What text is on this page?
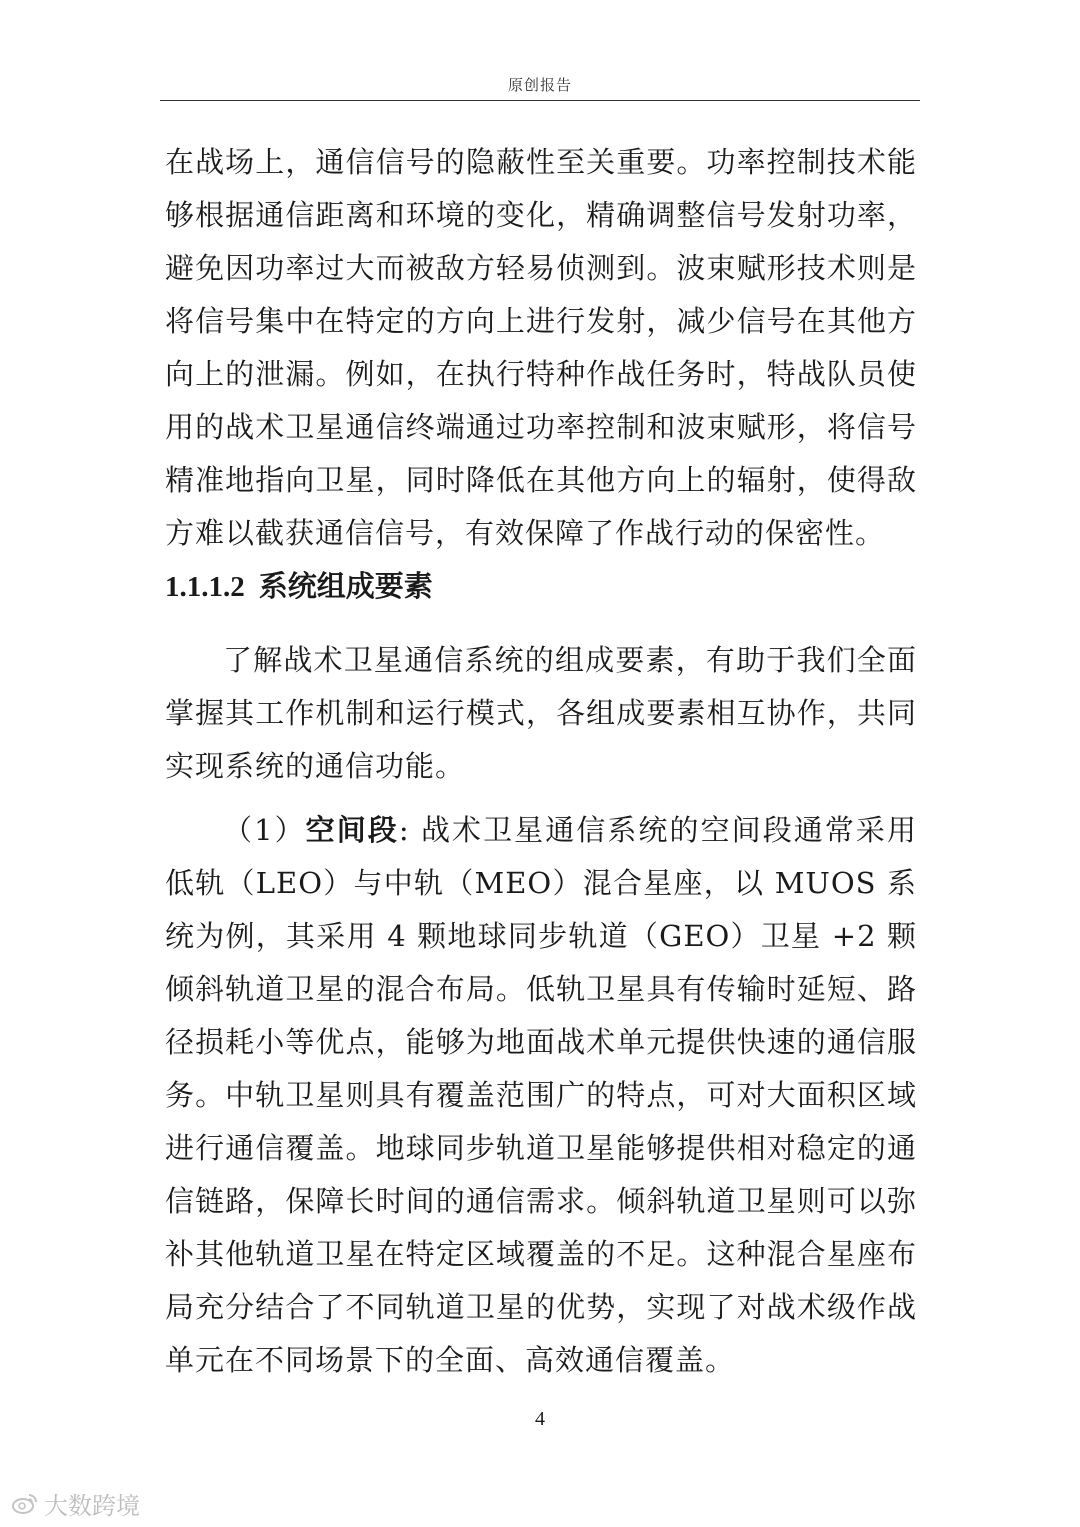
原创报告
在战场上，通信信号的隐蔽性至关重要。功率控制技术能够根据通信距离和环境的变化，精确调整信号发射功率，避免因功率过大而被敌方轻易侦测到。波束赋形技术则是将信号集中在特定的方向上进行发射，减少信号在其他方向上的泄漏。例如，在执行特种作战任务时，特战队员使用的战术卫星通信终端通过功率控制和波束赋形，将信号精准地指向卫星，同时降低在其他方向上的辐射，使得敌方难以截获通信信号，有效保障了作战行动的保密性。
1.1.1.2 系统组成要素
了解战术卫星通信系统的组成要素，有助于我们全面掌握其工作机制和运行模式，各组成要素相互协作，共同实现系统的通信功能。
（1）空间段: 战术卫星通信系统的空间段通常采用低轨（LEO）与中轨（MEO）混合星座，以 MUOS 系统为例，其采用 4 颗地球同步轨道（GEO）卫星 +2 颗倾斜轨道卫星的混合布局。低轨卫星具有传输时延短、路径损耗小等优点，能够为地面战术单元提供快速的通信服务。中轨卫星则具有覆盖范围广的特点，可对大面积区域进行通信覆盖。地球同步轨道卫星能够提供相对稳定的通信链路，保障长时间的通信需求。倾斜轨道卫星则可以弥补其他轨道卫星在特定区域覆盖的不足。这种混合星座布局充分结合了不同轨道卫星的优势，实现了对战术级作战单元在不同场景下的全面、高效通信覆盖。
4
大数跨境
